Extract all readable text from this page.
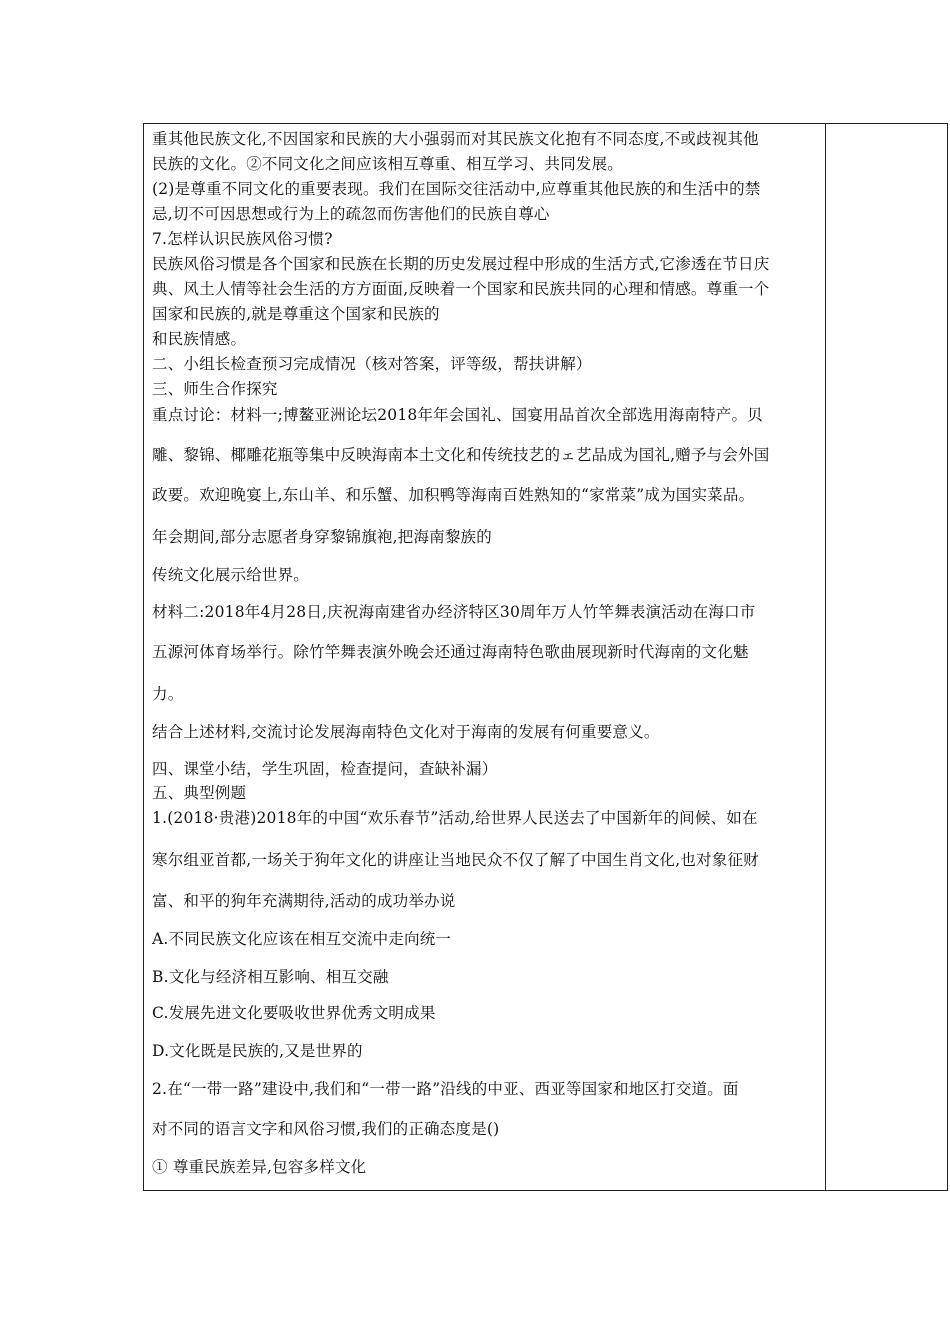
重其他民族文化,不因国家和民族的大小强弱而对其民族文化抱有不同态度,不或歧视其他
民族的文化。②不同文化之间应该相互尊重、相互学习、共同发展。
(2)是尊重不同文化的重要表现。我们在国际交往活动中,应尊重其他民族的和生活中的禁
忌,切不可因思想或行为上的疏忽而伤害他们的民族自尊心
7.怎样认识民族风俗习惯?
民族风俗习惯是各个国家和民族在长期的历史发展过程中形成的生活方式,它渗透在节日庆
典、风土人情等社会生活的方方面面,反映着一个国家和民族共同的心理和情感。尊重一个
国家和民族的,就是尊重这个国家和民族的
和民族情感。
二、小组长检查预习完成情况（核对答案，评等级，帮扶讲解）
三、师生合作探究
重点讨论：材料一;博鳌亚洲论坛2018年年会国礼、国宴用品首次全部选用海南特产。贝
雕、黎锦、椰雕花瓶等集中反映海南本土文化和传统技艺的ェ艺品成为国礼,赠予与会外国
政要。欢迎晚宴上,东山羊、和乐蟹、加积鸭等海南百姓熟知的“家常菜”成为国实菜品。
年会期间,部分志愿者身穿黎锦旗袍,把海南黎族的
传统文化展示给世界。
材料二:2018年4月28日,庆祝海南建省办经济特区30周年万人竹竿舞表演活动在海口市
五源河体育场举行。除竹竿舞表演外晚会还通过海南特色歌曲展现新时代海南的文化魅
力。
结合上述材料,交流讨论发展海南特色文化对于海南的发展有何重要意义。
四、课堂小结，学生巩固，检查提问，查缺补漏）
五、典型例题
1.(2018·贵港)2018年的中国“欢乐春节”活动,给世界人民送去了中国新年的间候、如在
寒尔组亚首都,一场关于狗年文化的讲座让当地民众不仅了解了中国生肖文化,也对象征财
富、和平的狗年充满期待,活动的成功举办说
A.不同民族文化应该在相互交流中走向统一
B.文化与经济相互影响、相互交融
C.发展先进文化要吸收世界优秀文明成果
D.文化既是民族的,又是世界的
2.在“一带一路”建设中,我们和“一带一路”沿线的中亚、西亚等国家和地区打交道。面
对不同的语言文字和风俗习惯,我们的正确态度是()
① 尊重民族差异,包容多样文化
